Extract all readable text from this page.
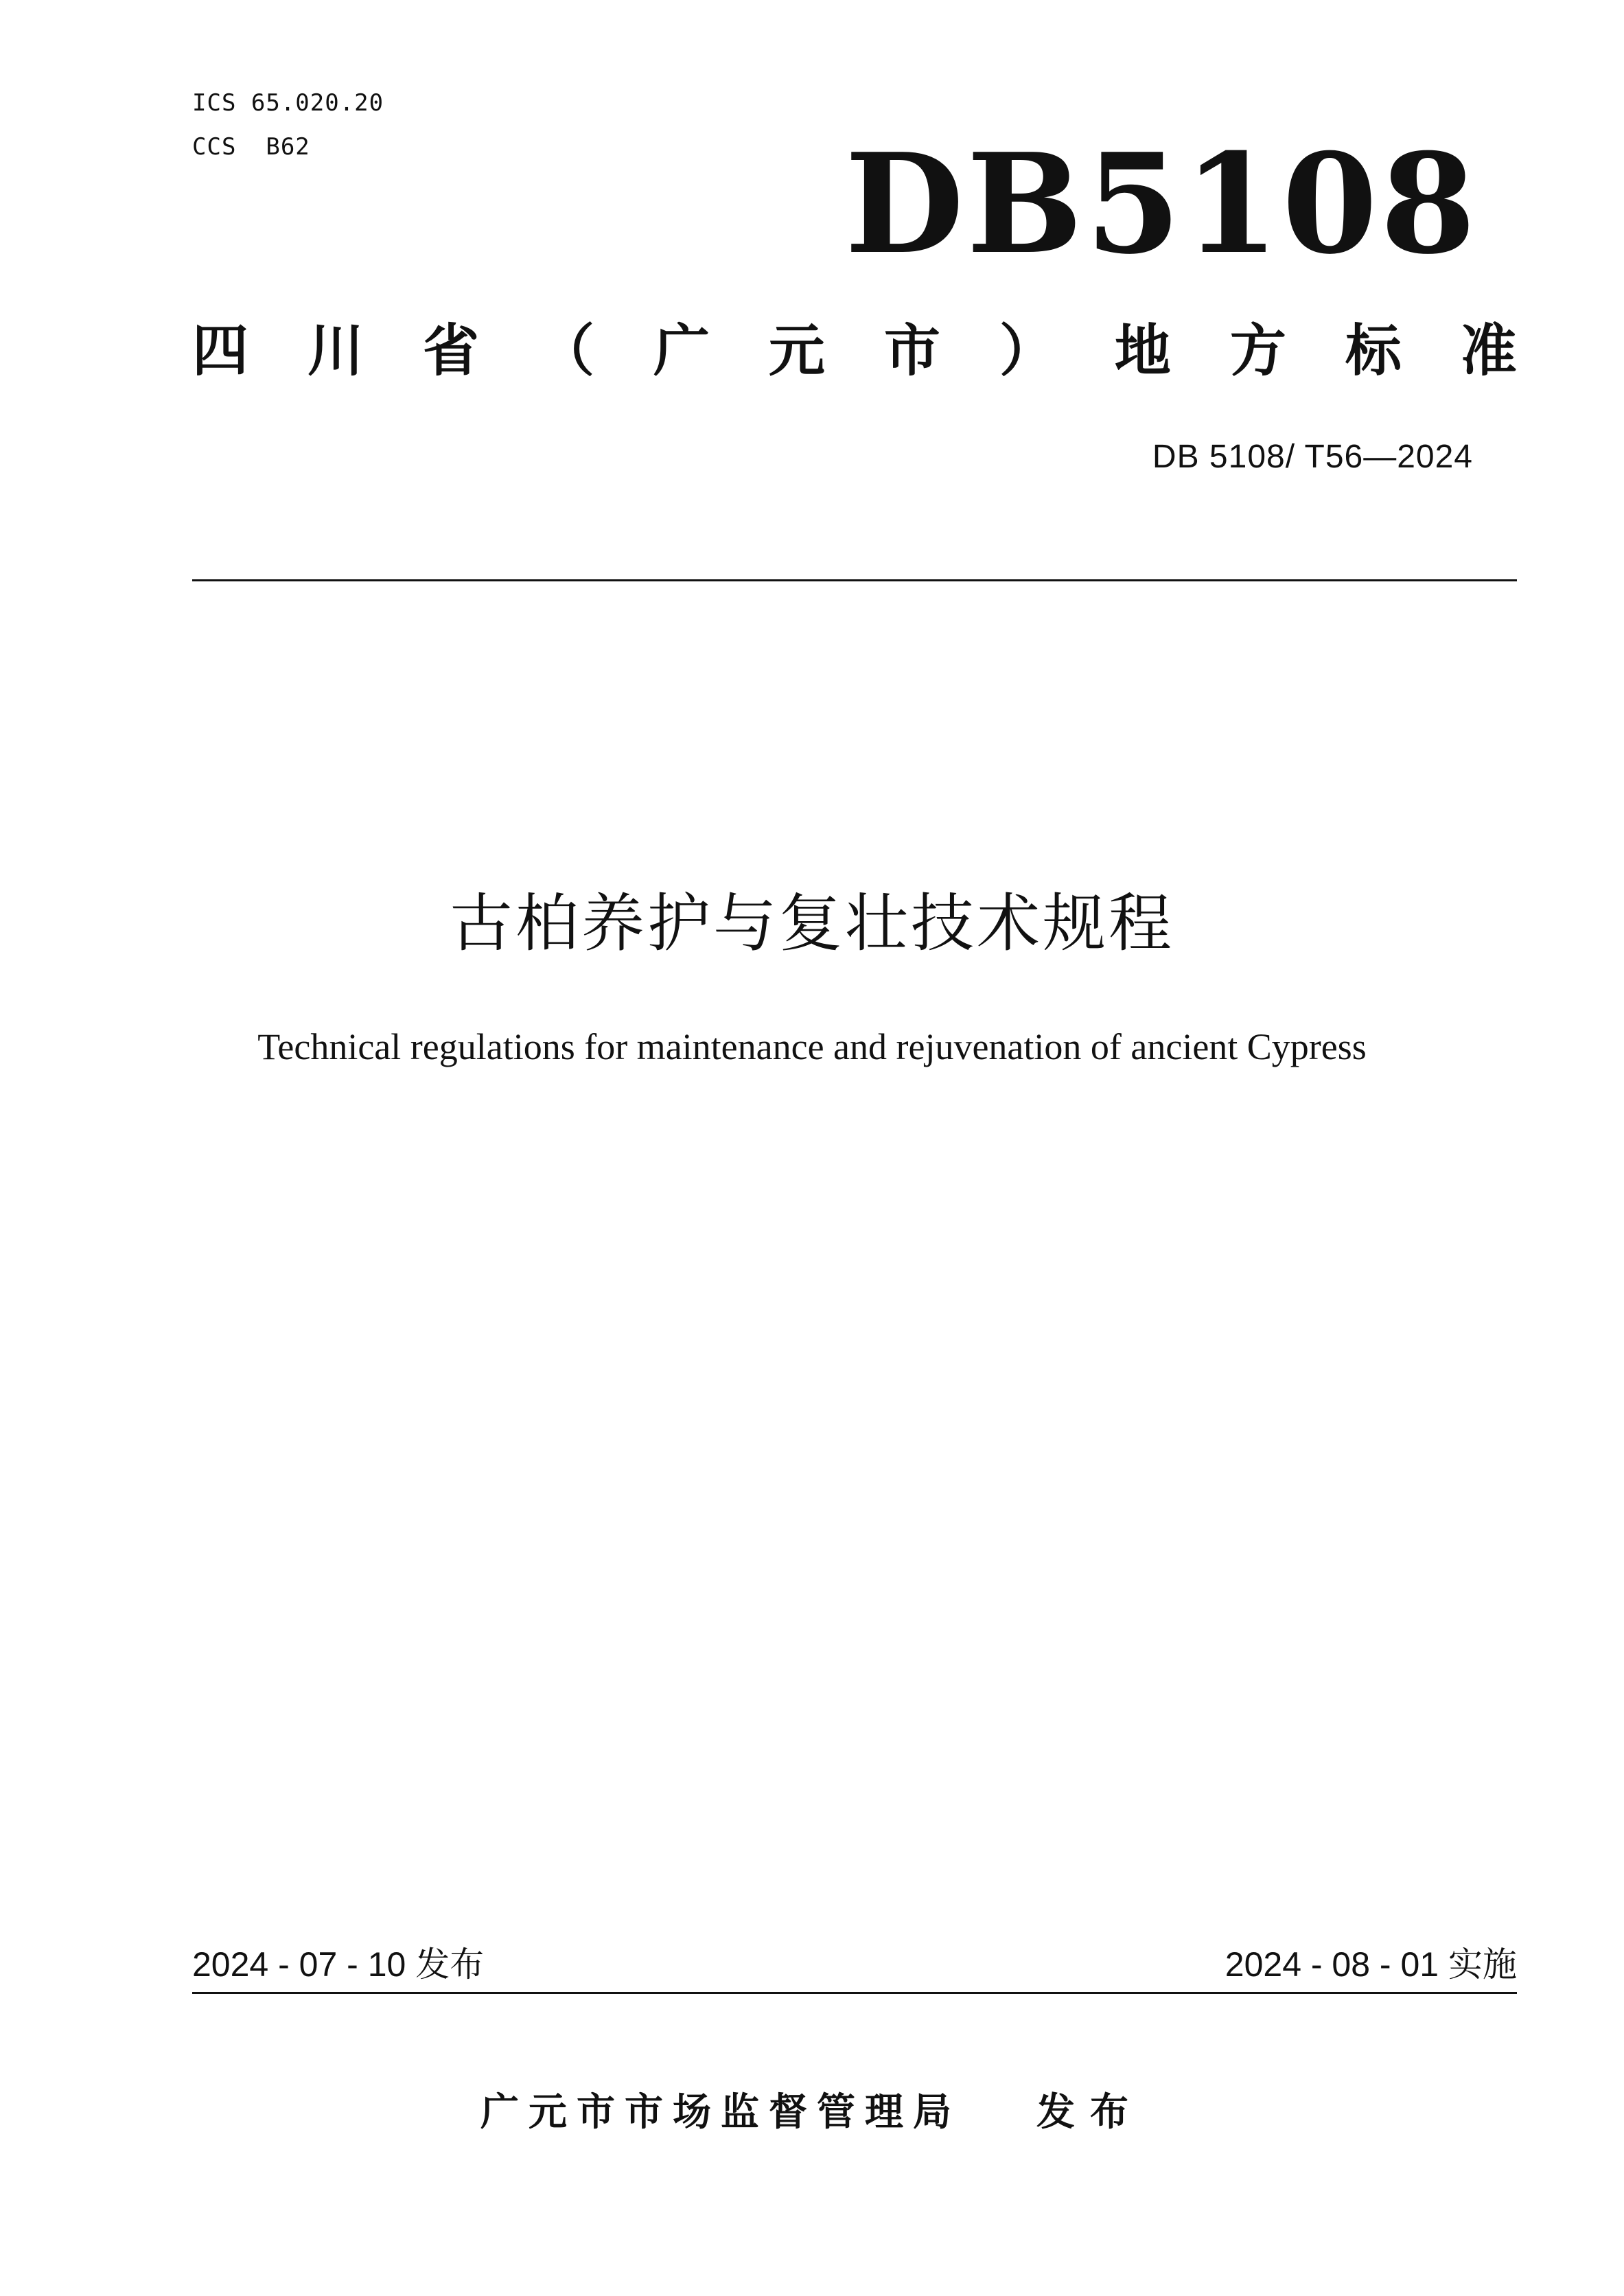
ICS 65.020.20
CCS  B62	DB5108
四 川 省 （ 广 元 市 ） 地 方 标 准
DB 5108/ T56—2024
古柏养护与复壮技术规程
Technical regulations for maintenance and rejuvenation of ancient Cypress
2024 - 07 - 10 发布	2024 - 08 - 01 实施
广元市市场监督管理局 发布
